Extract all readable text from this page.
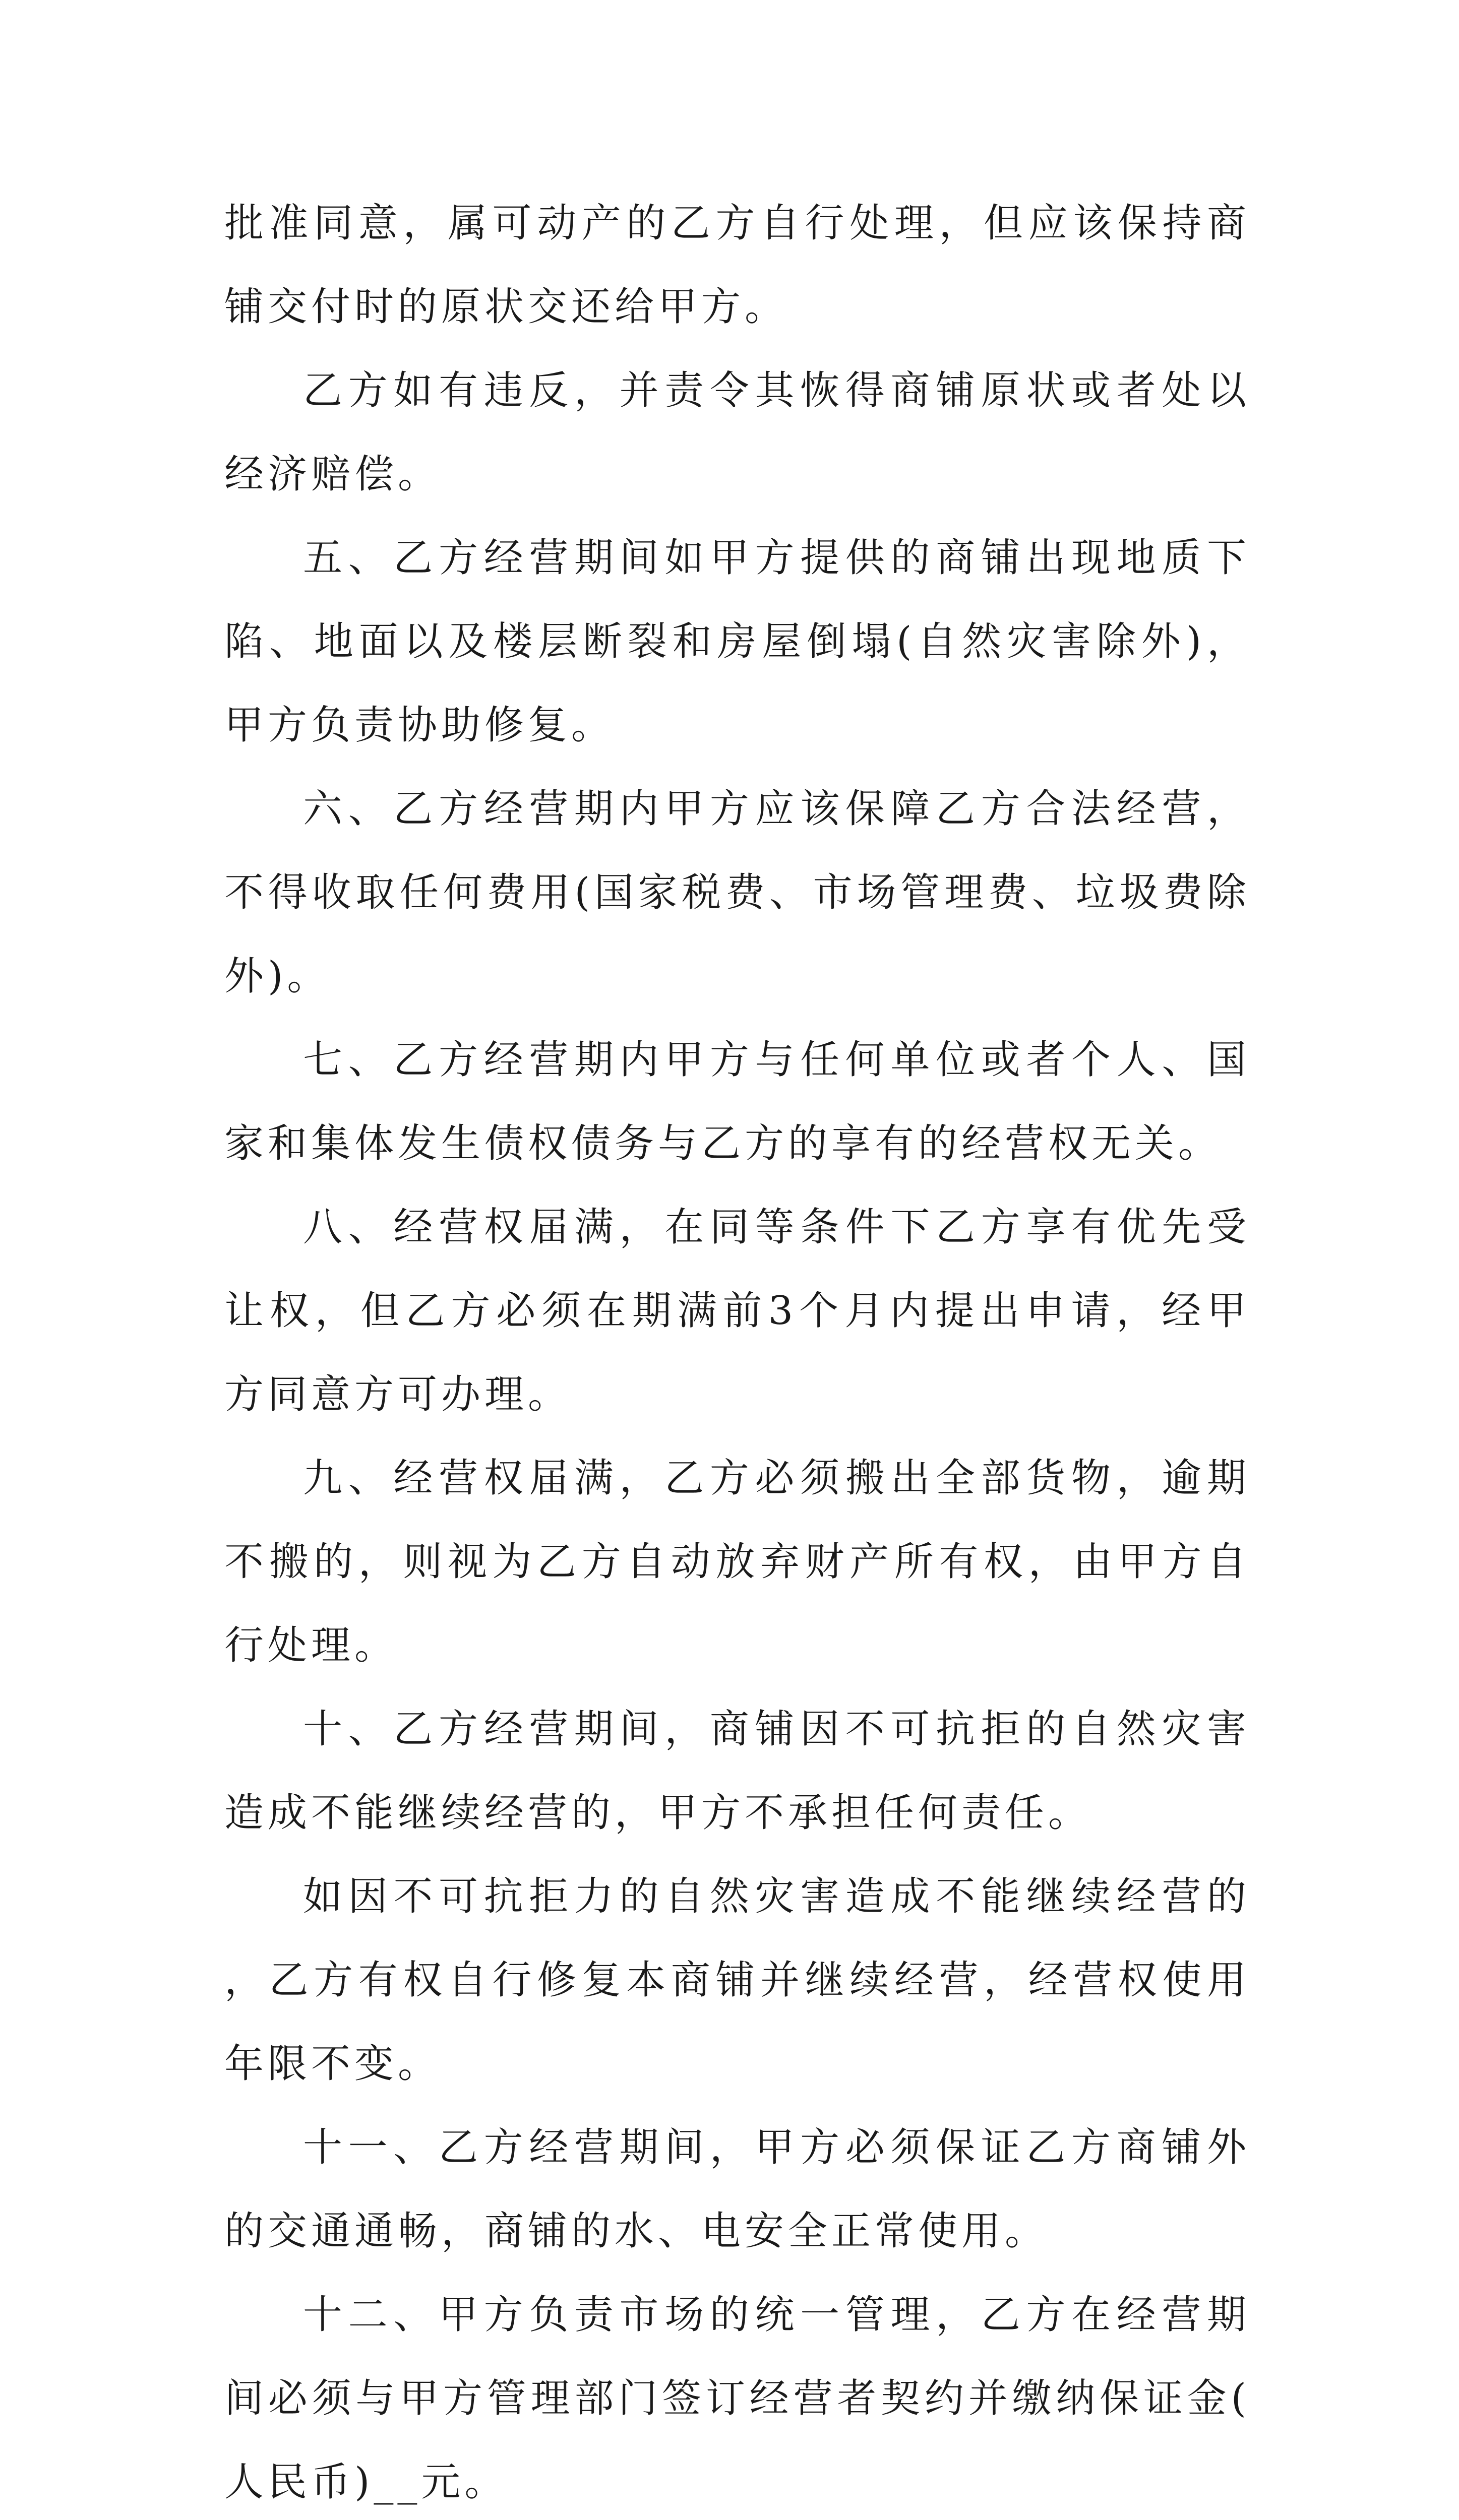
批准同意，属可动产的乙方自行处理，但应该保持商铺交付时的原状交还给甲方。

乙方如有违反，并责令其恢得商铺原状或者处以经济赔偿。

五、乙方经营期间如甲方提供的商铺出现地质下陷、地面以及楼层断裂和房屋倒塌(自然灾害除外)，甲方负责协助修复。

六、乙方经营期内甲方应该保障乙方合法经营，不得收取任何费用(国家税费、市场管理费、垃圾费除外)。

七、乙方经营期内甲方与任何单位或者个人、国家和集体发生债权债务与乙方的享有的经营权无关。

八、经营权届满，在同等条件下乙方享有优先受让权，但乙方必须在期满前3个月内提出申请，经甲方同意方可办理。

九、经营权届满，乙方必须搬出全部货物，逾期不搬的，则视为乙方自动放弃财产所有权，由甲方自行处理。

十、乙方经营期间，商铺因不可抗拒的自然灾害造成不能继续经营的，甲方不承担任何责任。

如因不可抗拒力的自然灾害造成不能继续经营的，乙方有权自行修复本商铺并继续经营，经营权使用年限不变。

十一、乙方经营期间，甲方必须保证乙方商铺外的交通通畅，商铺的水、电安全正常使用。

十二、甲方负责市场的统一管理，乙方在经营期间必须与甲方管理部门签订经营者契约并缴纳保证金(人民币)__元。
